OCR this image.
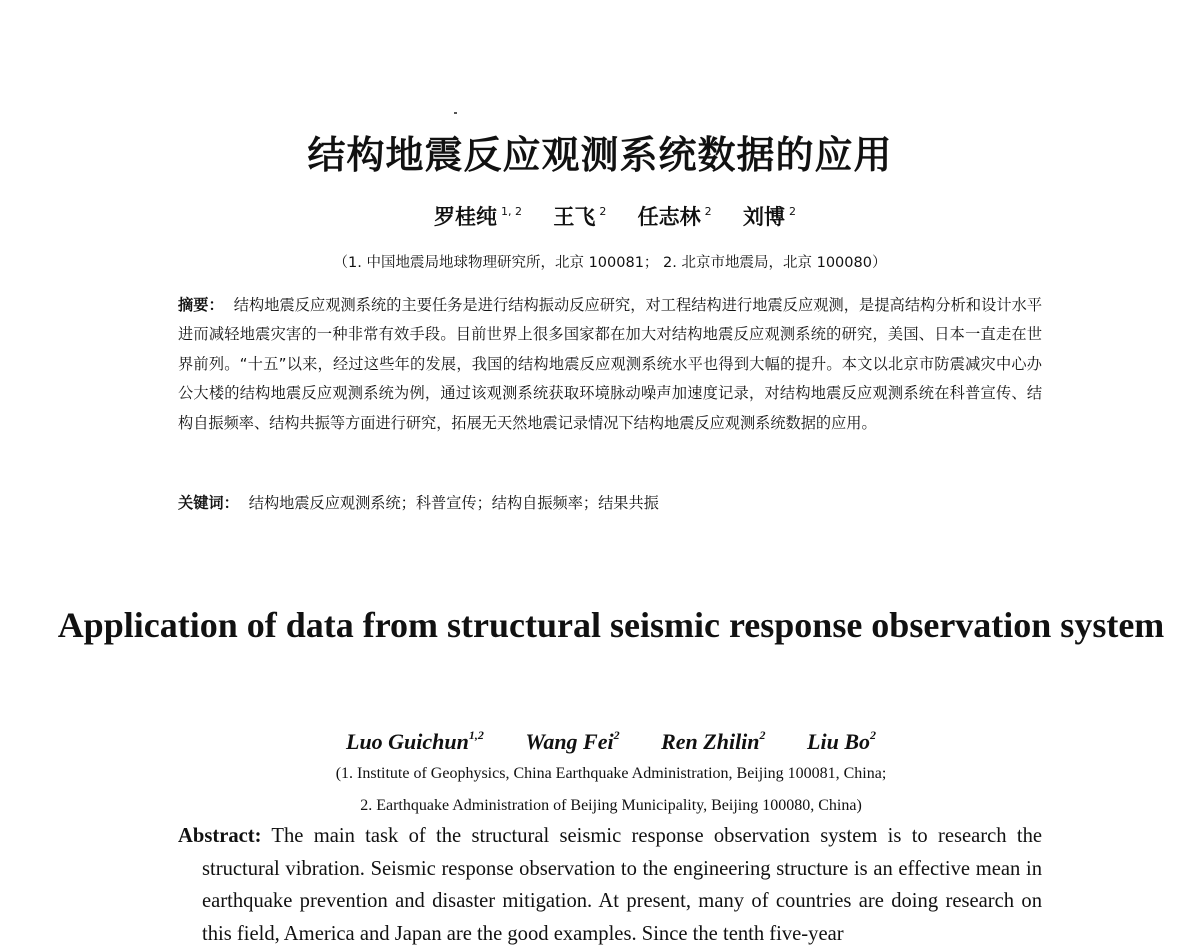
结构地震反应观测系统数据的应用
罗桂纯 $^{1, 2}$ 王飞 $^2$ 任志林 $^2$ 刘博 $^2$
（1. 中国地震局地球物理研究所，北京 100081； 2. 北京市地震局，北京 100080）
摘要： 结构地震反应观测系统的主要任务是进行结构振动反应研究，对工程结构进行地震反应观测，是提高结构分析和设计水平进而减轻地震灾害的一种非常有效手段。目前世界上很多国家都在加大对结构地震反应观测系统的研究，美国、日本一直走在世界前列。“十五”以来，经过这些年的发展，我国的结构地震反应观测系统水平也得到大幅的提升。本文以北京市防震减灾中心办公大楼的结构地震反应观测系统为例，通过该观测系统获取环境脉动噪声加速度记录，对结构地震反应观测系统在科普宣传、结构自振频率、结构共振等方面进行研究，拓展无天然地震记录情况下结构地震反应观测系统数据的应用。
关键词： 结构地震反应观测系统；科普宣传；结构自振频率；结果共振
Application of data from structural seismic response observation system
Luo Guichun$^{1,2}$ Wang Fei$^2$ Ren Zhilin$^2$ Liu Bo$^2$
(1. Institute of Geophysics, China Earthquake Administration, Beijing 100081, China;
2. Earthquake Administration of Beijing Municipality, Beijing 100080, China)
Abstract: The main task of the structural seismic response observation system is to research the structural vibration. Seismic response observation to the engineering structure is an effective mean in earthquake prevention and disaster mitigation. At present, many of countries are doing research on this field, America and Japan are the good examples. Since the tenth five-year
